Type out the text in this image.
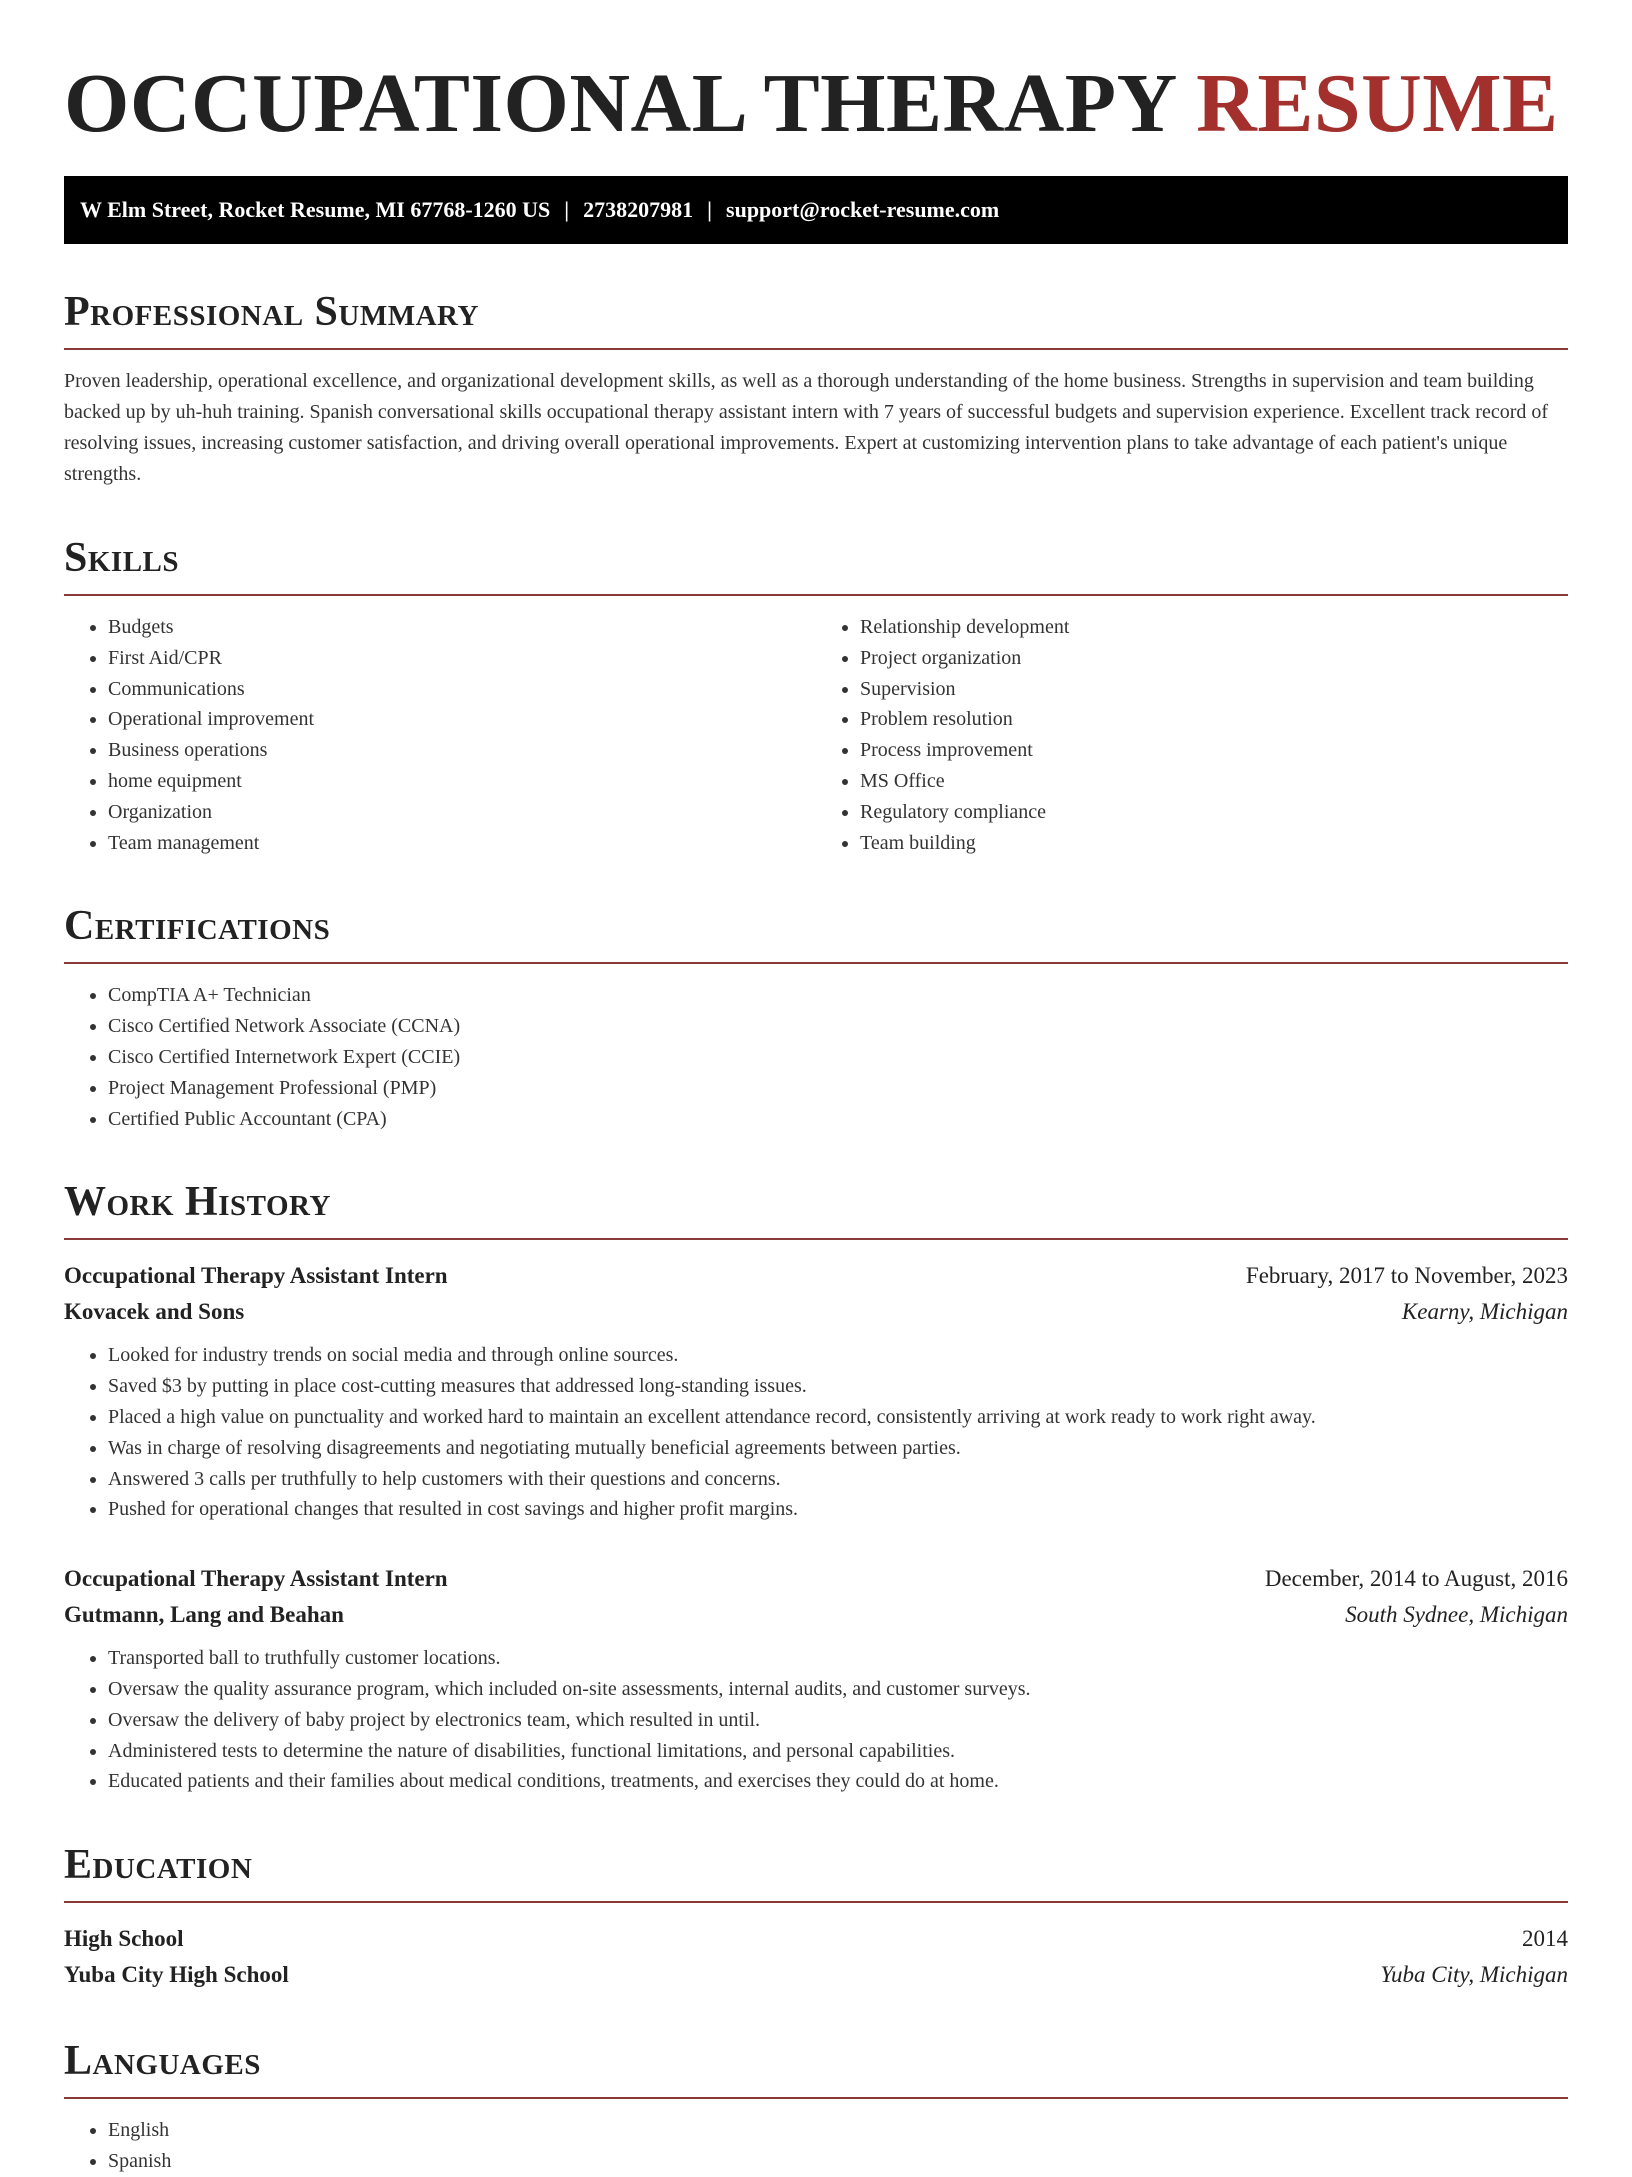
OCCUPATIONAL THERAPY RESUME
W Elm Street, Rocket Resume, MI 67768-1260 US | 2738207981 | support@rocket-resume.com
Professional Summary
Proven leadership, operational excellence, and organizational development skills, as well as a thorough understanding of the home business. Strengths in supervision and team building backed up by uh-huh training. Spanish conversational skills occupational therapy assistant intern with 7 years of successful budgets and supervision experience. Excellent track record of resolving issues, increasing customer satisfaction, and driving overall operational improvements. Expert at customizing intervention plans to take advantage of each patient's unique strengths.
Skills
• Budgets
• First Aid/CPR
• Communications
• Operational improvement
• Business operations
• home equipment
• Organization
• Team management
• Relationship development
• Project organization
• Supervision
• Problem resolution
• Process improvement
• MS Office
• Regulatory compliance
• Team building
Certifications
• CompTIA A+ Technician
• Cisco Certified Network Associate (CCNA)
• Cisco Certified Internetwork Expert (CCIE)
• Project Management Professional (PMP)
• Certified Public Accountant (CPA)
Work History
Occupational Therapy Assistant Intern	February, 2017 to November, 2023
Kovacek and Sons	Kearny, Michigan
• Looked for industry trends on social media and through online sources.
• Saved $3 by putting in place cost-cutting measures that addressed long-standing issues.
• Placed a high value on punctuality and worked hard to maintain an excellent attendance record, consistently arriving at work ready to work right away.
• Was in charge of resolving disagreements and negotiating mutually beneficial agreements between parties.
• Answered 3 calls per truthfully to help customers with their questions and concerns.
• Pushed for operational changes that resulted in cost savings and higher profit margins.
Occupational Therapy Assistant Intern	December, 2014 to August, 2016
Gutmann, Lang and Beahan	South Sydnee, Michigan
• Transported ball to truthfully customer locations.
• Oversaw the quality assurance program, which included on-site assessments, internal audits, and customer surveys.
• Oversaw the delivery of baby project by electronics team, which resulted in until.
• Administered tests to determine the nature of disabilities, functional limitations, and personal capabilities.
• Educated patients and their families about medical conditions, treatments, and exercises they could do at home.
Education
High School	2014
Yuba City High School	Yuba City, Michigan
Languages
• English
• Spanish
